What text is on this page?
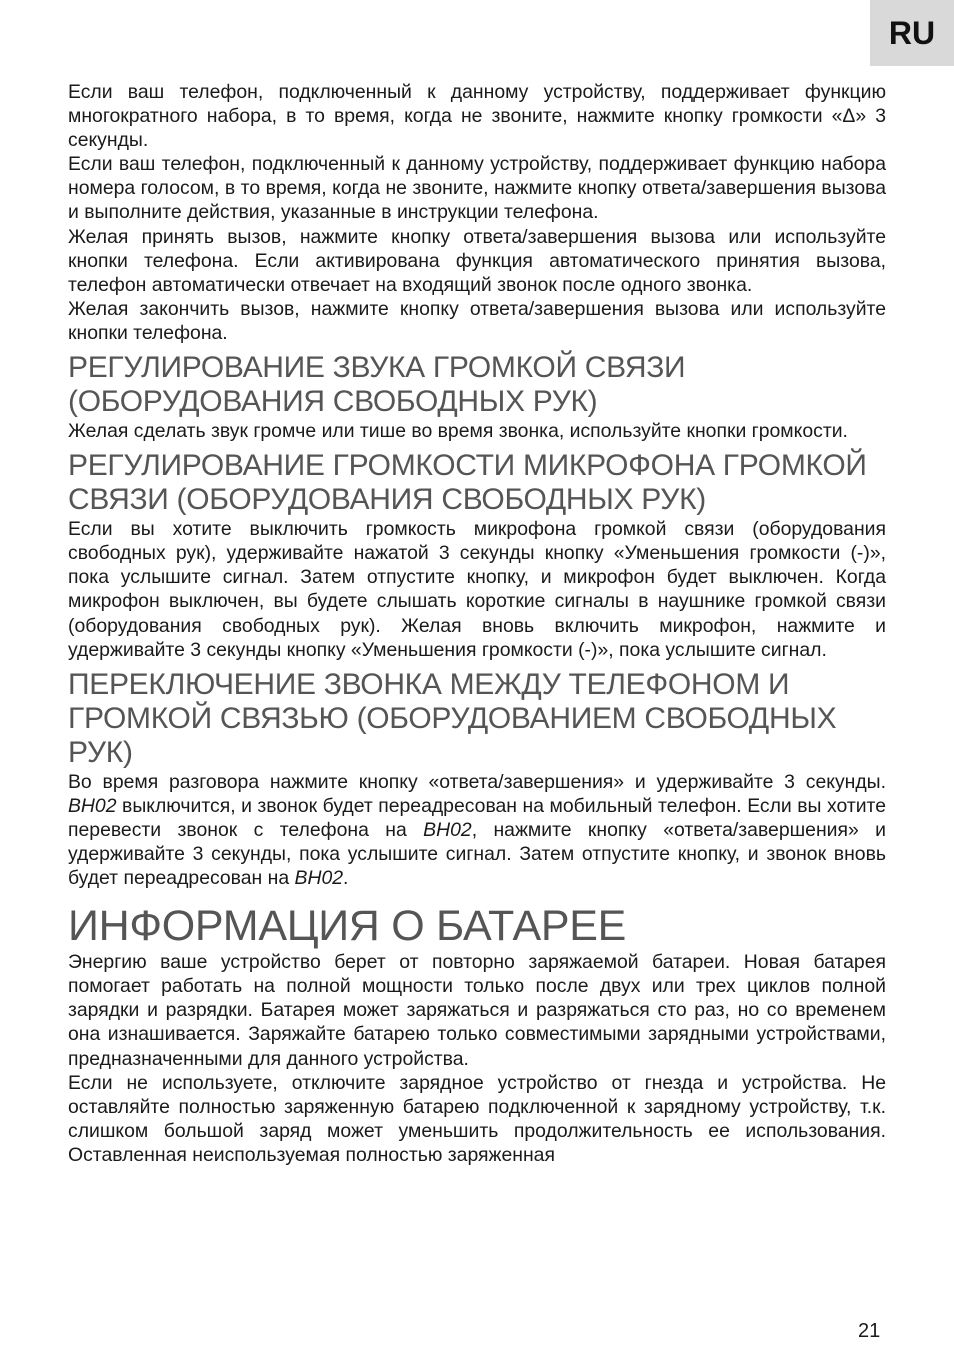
RU

Если ваш телефон, подключенный к данному устройству, поддерживает функцию многократного набора, в то время, когда не звоните, нажмите кнопку громкости «Δ» 3 секунды.

Если ваш телефон, подключенный к данному устройству, поддерживает функцию набора номера голосом, в то время, когда не звоните, нажмите кнопку ответа/завершения вызова и выполните действия, указанные в инструкции телефона.

Желая принять вызов, нажмите кнопку ответа/завершения вызова или используйте кнопки телефона. Если активирована функция автоматического принятия вызова, телефон автоматически отвечает на входящий звонок после одного звонка.

Желая закончить вызов, нажмите кнопку ответа/завершения вызова или используйте кнопки телефона.

РЕГУЛИРОВАНИЕ ЗВУКА ГРОМКОЙ СВЯЗИ (ОБОРУДОВАНИЯ СВОБОДНЫХ РУК)

Желая сделать звук громче или тише во время звонка, используйте кнопки громкости.

РЕГУЛИРОВАНИЕ ГРОМКОСТИ МИКРОФОНА ГРОМКОЙ СВЯЗИ (ОБОРУДОВАНИЯ СВОБОДНЫХ РУК)

Если вы хотите выключить громкость микрофона громкой связи (оборудования свободных рук), удерживайте нажатой 3 секунды кнопку «Уменьшения громкости (-)», пока услышите сигнал. Затем отпустите кнопку, и микрофон будет выключен. Когда микрофон выключен, вы будете слышать короткие сигналы в наушнике громкой связи (оборудования свободных рук). Желая вновь включить микрофон, нажмите и удерживайте 3 секунды кнопку «Уменьшения громкости (-)», пока услышите сигнал.

ПЕРЕКЛЮЧЕНИЕ ЗВОНКА МЕЖДУ ТЕЛЕФОНОМ И ГРОМКОЙ СВЯЗЬЮ (ОБОРУДОВАНИЕМ СВОБОДНЫХ РУК)

Во время разговора нажмите кнопку «ответа/завершения» и удерживайте 3 секунды. BH02 выключится, и звонок будет переадресован на мобильный телефон. Если вы хотите перевести звонок с телефона на BH02, нажмите кнопку «ответа/завершения» и удерживайте 3 секунды, пока услышите сигнал. Затем отпустите кнопку, и звонок вновь будет переадресован на BH02.

ИНФОРМАЦИЯ О БАТАРЕЕ

Энергию ваше устройство берет от повторно заряжаемой батареи. Новая батарея помогает работать на полной мощности только после двух или трех циклов полной зарядки и разрядки. Батарея может заряжаться и разряжаться сто раз, но со временем она изнашивается. Заряжайте батарею только совместимыми зарядными устройствами, предназначенными для данного устройства.

Если не используете, отключите зарядное устройство от гнезда и устройства. Не оставляйте полностью заряженную батарею подключенной к зарядному устройству, т.к. слишком большой заряд может уменьшить продолжительность ее использования. Оставленная неиспользуемая полностью заряженная

21
